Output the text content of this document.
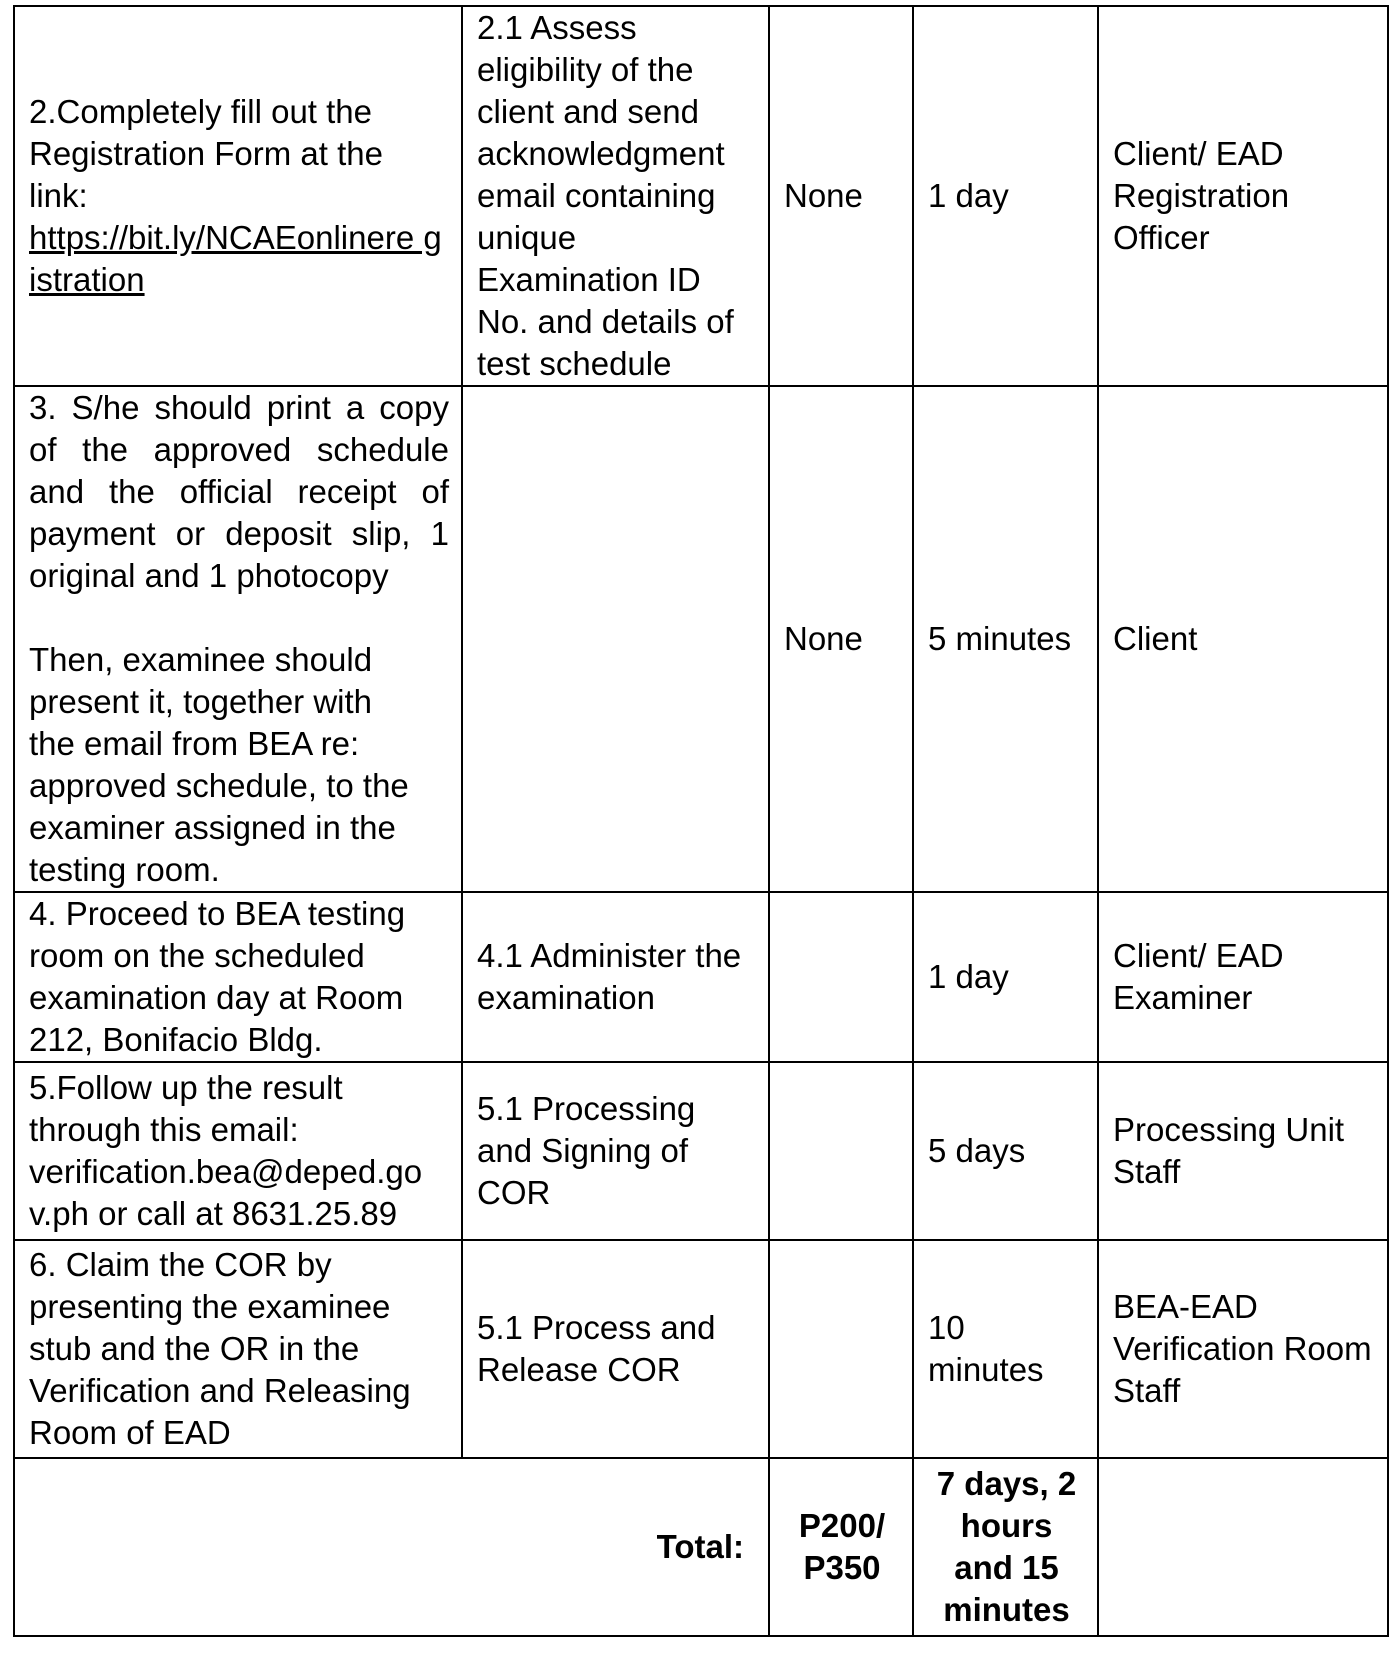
2.Completely fill out the
Registration Form at the
link:
https://bit.ly/NCAEonlinere gistration	2.1 Assess eligibility of the client and send acknowledgment email containing unique Examination ID No. and details of test schedule	None	1 day	Client/ EAD Registration Officer

3. S/he should print a copy of the approved schedule and the official receipt of payment or deposit slip, 1 original and 1 photocopy
Then, examinee should present it, together with the email from BEA re: approved schedule, to the examiner assigned in the testing room.		None	5 minutes	Client
4. Proceed to BEA testing room on the scheduled examination day at Room 212, Bonifacio Bldg.	4.1 Administer the examination		1 day	Client/ EAD Examiner
5.Follow up the result through this email: verification.bea@deped.go v.ph or call at 8631.25.89	5.1 Processing and Signing of COR		5 days	Processing Unit Staff
6. Claim the COR by presenting the examinee stub and the OR in the Verification and Releasing Room of EAD	5.1 Process and Release COR		10 minutes	BEA-EAD Verification Room Staff
Total:		P200/ P350	7 days, 2 hours and 15 minutes	
